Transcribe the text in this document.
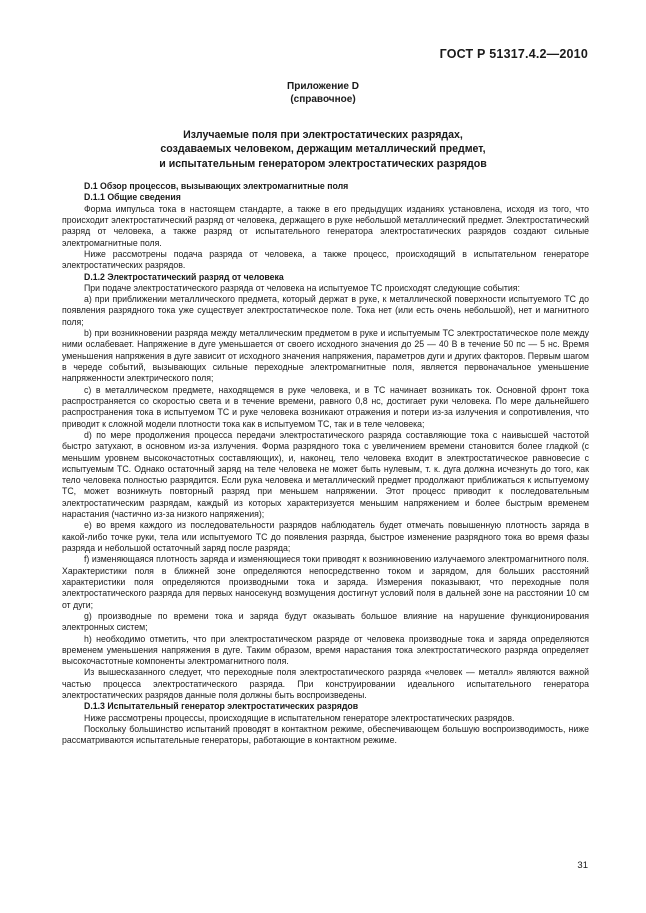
ГОСТ Р 51317.4.2—2010
Приложение D
(справочное)
Излучаемые поля при электростатических разрядах,
создаваемых человеком, держащим металлический предмет,
и испытательным генератором электростатических разрядов

D.1 Обзор процессов, вызывающих электромагнитные поля

D.1.1 Общие сведения

Форма импульса тока в настоящем стандарте, а также в его предыдущих изданиях установлена, исходя из того, что происходит электростатический разряд от человека, держащего в руке небольшой металлический предмет. Электростатический разряд от человека, а также разряд от испытательного генератора электростатических разрядов создают сильные электромагнитные поля.

Ниже рассмотрены подача разряда от человека, а также процесс, происходящий в испытательном генераторе электростатических разрядов.

D.1.2 Электростатический разряд от человека

При подаче электростатического разряда от человека на испытуемое ТС происходят следующие события:

a) при приближении металлического предмета, который держат в руке, к металлической поверхности испытуемого ТС до появления разрядного тока уже существует электростатическое поле. Тока нет (или есть очень небольшой), нет и магнитного поля;

b) при возникновении разряда между металлическим предметом в руке и испытуемым ТС электростатическое поле между ними ослабевает. Напряжение в дуге уменьшается от своего исходного значения до 25 — 40 В в течение 50 пс — 5 нс. Время уменьшения напряжения в дуге зависит от исходного значения напряжения, параметров дуги и других факторов. Первым шагом в череде событий, вызывающих сильные переходные электромагнитные поля, является первоначальное уменьшение напряженности электрического поля;

c) в металлическом предмете, находящемся в руке человека, и в ТС начинает возникать ток. Основной фронт тока распространяется со скоростью света и в течение времени, равного 0,8 нс, достигает руки человека. По мере дальнейшего распространения тока в испытуемом ТС и руке человека возникают отражения и потери из-за излучения и сопротивления, что приводит к сложной модели плотности тока как в испытуемом ТС, так и в теле человека;

d) по мере продолжения процесса передачи электростатического разряда составляющие тока с наивысшей частотой быстро затухают, в основном из-за излучения. Форма разрядного тока с увеличением времени становится более гладкой (с меньшим уровнем высокочастотных составляющих), и, наконец, тело человека входит в электростатическое равновесие с испытуемым ТС. Однако остаточный заряд на теле человека не может быть нулевым, т. к. дуга должна исчезнуть до того, как тело человека полностью разрядится. Если рука человека и металлический предмет продолжают приближаться к испытуемому ТС, может возникнуть повторный разряд при меньшем напряжении. Этот процесс приводит к последовательным электростатическим разрядам, каждый из которых характеризуется меньшим напряжением и более быстрым временем нарастания (частично из-за низкого напряжения);

e) во время каждого из последовательности разрядов наблюдатель будет отмечать повышенную плотность заряда в какой-либо точке руки, тела или испытуемого ТС до появления разряда, быстрое изменение разрядного тока во время фазы разряда и небольшой остаточный заряд после разряда;

f) изменяющаяся плотность заряда и изменяющиеся токи приводят к возникновению излучаемого электромагнитного поля. Характеристики поля в ближней зоне определяются непосредственно током и зарядом, для больших расстояний характеристики поля определяются производными тока и заряда. Измерения показывают, что переходные поля электростатического разряда для первых наносекунд возмущения достигнут условий поля в дальней зоне на расстоянии 10 см от дуги;

g) производные по времени тока и заряда будут оказывать большое влияние на нарушение функционирования электронных систем;

h) необходимо отметить, что при электростатическом разряде от человека производные тока и заряда определяются временем уменьшения напряжения в дуге. Таким образом, время нарастания тока электростатического разряда определяет высокочастотные компоненты электромагнитного поля.

Из вышесказанного следует, что переходные поля электростатического разряда «человек — металл» являются важной частью процесса электростатического разряда. При конструировании идеального испытательного генератора электростатических разрядов данные поля должны быть воспроизведены.

D.1.3 Испытательный генератор электростатических разрядов

Ниже рассмотрены процессы, происходящие в испытательном генераторе электростатических разрядов.

Поскольку большинство испытаний проводят в контактном режиме, обеспечивающем большую воспроизводимость, ниже рассматриваются испытательные генераторы, работающие в контактном режиме.

31
